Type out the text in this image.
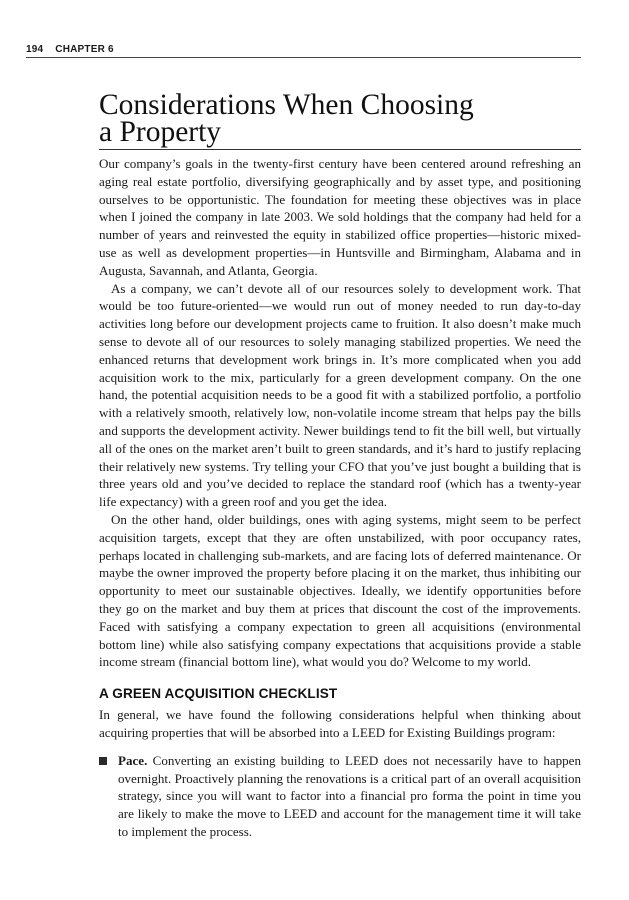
194 CHAPTER 6
Considerations When Choosing
a Property

Our company’s goals in the twenty-first century have been centered around refreshing an aging real estate portfolio, diversifying geographically and by asset type, and positioning ourselves to be opportunistic. The foundation for meeting these objectives was in place when I joined the company in late 2003. We sold holdings that the company had held for a number of years and reinvested the equity in stabilized office properties—historic mixed-use as well as development properties—in Huntsville and Birmingham, Alabama and in Augusta, Savannah, and Atlanta, Georgia.

As a company, we can’t devote all of our resources solely to development work. That would be too future-oriented—we would run out of money needed to run day-to-day activities long before our development projects came to fruition. It also doesn’t make much sense to devote all of our resources to solely managing stabilized properties. We need the enhanced returns that development work brings in. It’s more complicated when you add acquisition work to the mix, particularly for a green development company. On the one hand, the potential acquisition needs to be a good fit with a stabilized portfolio, a portfolio with a relatively smooth, relatively low, non-volatile income stream that helps pay the bills and supports the development activity. Newer buildings tend to fit the bill well, but virtually all of the ones on the market aren’t built to green standards, and it’s hard to justify replacing their relatively new systems. Try telling your CFO that you’ve just bought a building that is three years old and you’ve decided to replace the standard roof (which has a twenty-year life expectancy) with a green roof and you get the idea.

On the other hand, older buildings, ones with aging systems, might seem to be perfect acquisition targets, except that they are often unstabilized, with poor occupancy rates, perhaps located in challenging sub-markets, and are facing lots of deferred maintenance. Or maybe the owner improved the property before placing it on the market, thus inhibiting our opportunity to meet our sustainable objectives. Ideally, we identify opportunities before they go on the market and buy them at prices that discount the cost of the improvements. Faced with satisfying a company expectation to green all acquisitions (environmental bottom line) while also satisfying company expectations that acquisitions provide a stable income stream (financial bottom line), what would you do? Welcome to my world.

A GREEN ACQUISITION CHECKLIST

In general, we have found the following considerations helpful when thinking about acquiring properties that will be absorbed into a LEED for Existing Buildings program:

Pace. Converting an existing building to LEED does not necessarily have to happen overnight. Proactively planning the renovations is a critical part of an overall acquisition strategy, since you will want to factor into a financial pro forma the point in time you are likely to make the move to LEED and account for the management time it will take to implement the process.
